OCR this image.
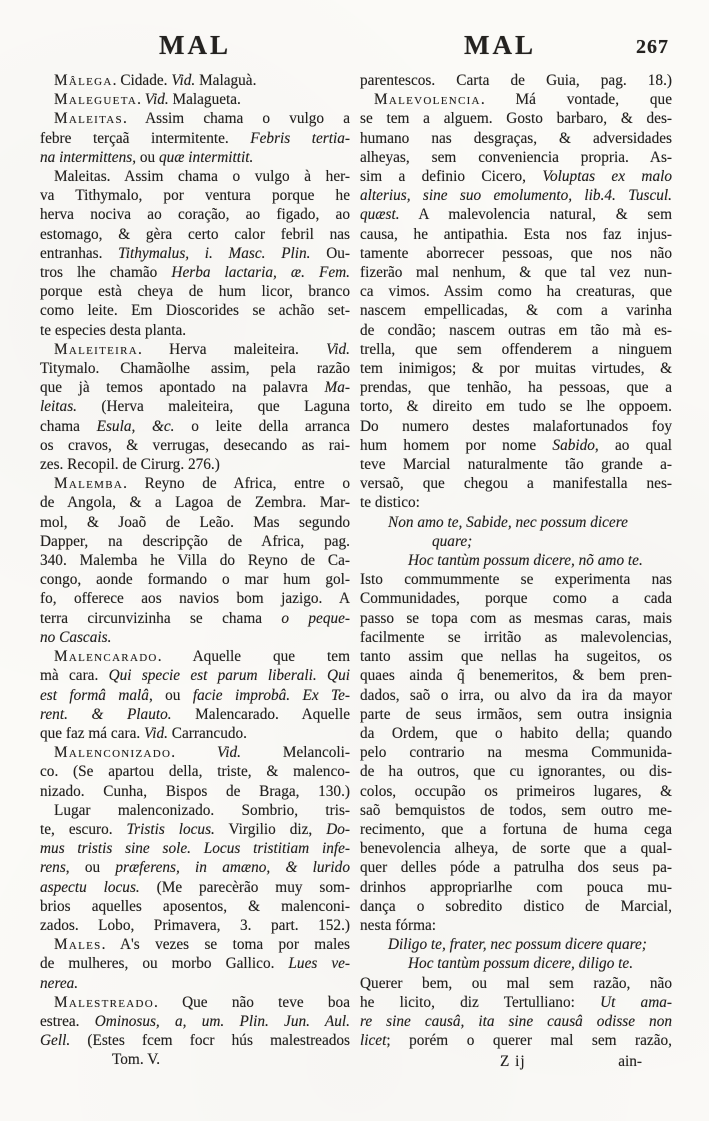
MAL	MAL	267
Mâlega. Cidade. Vid. Malaguà.
Malegueta. Vid. Malagueta.
Maleitas. Assim chama o vulgo a
febre terçaã intermitente. Febris tertia-
na intermittens, ou quæ intermittit.
Maleitas. Assim chama o vulgo à her-
va Tithymalo, por ventura porque he
herva nociva ao coração, ao figado, ao
estomago, & gèra certo calor febril nas
entranhas. Tithymalus, i. Masc. Plin. Ou-
tros lhe chamão Herba lactaria, æ. Fem.
porque està cheya de hum licor, branco
como leite. Em Dioscorides se achão set-
te especies desta planta.
Maleiteira. Herva maleiteira. Vid.
Titymalo. Chamãolhe assim, pela razão
que jà temos apontado na palavra Ma-
leitas. (Herva maleiteira, que Laguna
chama Esula, &c. o leite della arranca
os cravos, & verrugas, desecando as rai-
zes. Recopil. de Cirurg. 276.)
Malemba. Reyno de Africa, entre o
de Angola, & a Lagoa de Zembra. Mar-
mol, & Joaõ de Leão. Mas segundo
Dapper, na descripção de Africa, pag.
340. Malemba he Villa do Reyno de Ca-
congo, aonde formando o mar hum gol-
fo, offerece aos navios bom jazigo. A
terra circunvizinha se chama o peque-
no Cascais.
Malencarado. Aquelle que tem
mà cara. Qui specie est parum liberali. Qui
est formâ malâ, ou facie improbâ. Ex Te-
rent. & Plauto. Malencarado. Aquelle
que faz má cara. Vid. Carrancudo.
Malenconizado. Vid. Melancoli-
co. (Se apartou della, triste, & malenco-
nizado. Cunha, Bispos de Braga, 130.)
Lugar malenconizado. Sombrio, tris-
te, escuro. Tristis locus. Virgilio diz, Do-
mus tristis sine sole. Locus tristitiam infe-
rens, ou præferens, in amæno, & lurido
aspectu locus. (Me parecèrão muy som-
brios aquelles aposentos, & malenconi-
zados. Lobo, Primavera, 3. part. 152.)
Males. A's vezes se toma por males
de mulheres, ou morbo Gallico. Lues ve-
nerea.
Malestreado. Que não teve boa
estrea. Ominosus, a, um. Plin. Jun. Aul.
Gell. (Estes fcem focr hús malestreados
Tom. V.
parentescos. Carta de Guia, pag. 18.)
Malevolencia. Má vontade, que
se tem a alguem. Gosto barbaro, & des-
humano nas desgraças, & adversidades
alheyas, sem conveniencia propria. As-
sim a definio Cicero, Voluptas ex malo
alterius, sine suo emolumento, lib.4. Tuscul.
quæst. A malevolencia natural, & sem
causa, he antipathia. Esta nos faz injus-
tamente aborrecer pessoas, que nos não
fizerão mal nenhum, & que tal vez nun-
ca vimos. Assim como ha creaturas, que
nascem empellicadas, & com a varinha
de condão; nascem outras em tão mà es-
trella, que sem offenderem a ninguem
tem inimigos; & por muitas virtudes, &
prendas, que tenhão, ha pessoas, que a
torto, & direito em tudo se lhe oppoem.
Do numero destes malafortunados foy
hum homem por nome Sabido, ao qual
teve Marcial naturalmente tão grande a-
versaõ, que chegou a manifestalla nes-
te distico:
Non amo te, Sabide, nec possum dicere
quare;
Hoc tantùm possum dicere, nõ amo te.
Isto commummente se experimenta nas
Communidades, porque como a cada
passo se topa com as mesmas caras, mais
facilmente se irritão as malevolencias,
tanto assim que nellas ha sugeitos, os
quaes ainda q̃ benemeritos, & bem pren-
dados, saõ o irra, ou alvo da ira da mayor
parte de seus irmãos, sem outra insignia
da Ordem, que o habito della; quando
pelo contrario na mesma Communida-
de ha outros, que cu ignorantes, ou dis-
colos, occupão os primeiros lugares, &
saõ bemquistos de todos, sem outro me-
recimento, que a fortuna de huma cega
benevolencia alheya, de sorte que a qual-
quer delles póde a patrulha dos seus pa-
drinhos appropriarlhe com pouca mu-
dança o sobredito distico de Marcial,
nesta fórma:
Diligo te, frater, nec possum dicere quare;
Hoc tantùm possum dicere, diligo te.
Querer bem, ou mal sem razão, não
he licito, diz Tertulliano: Ut ama-
re sine causâ, ita sine causâ odisse non
licet; porém o querer mal sem razão,
Z ij	ain-
